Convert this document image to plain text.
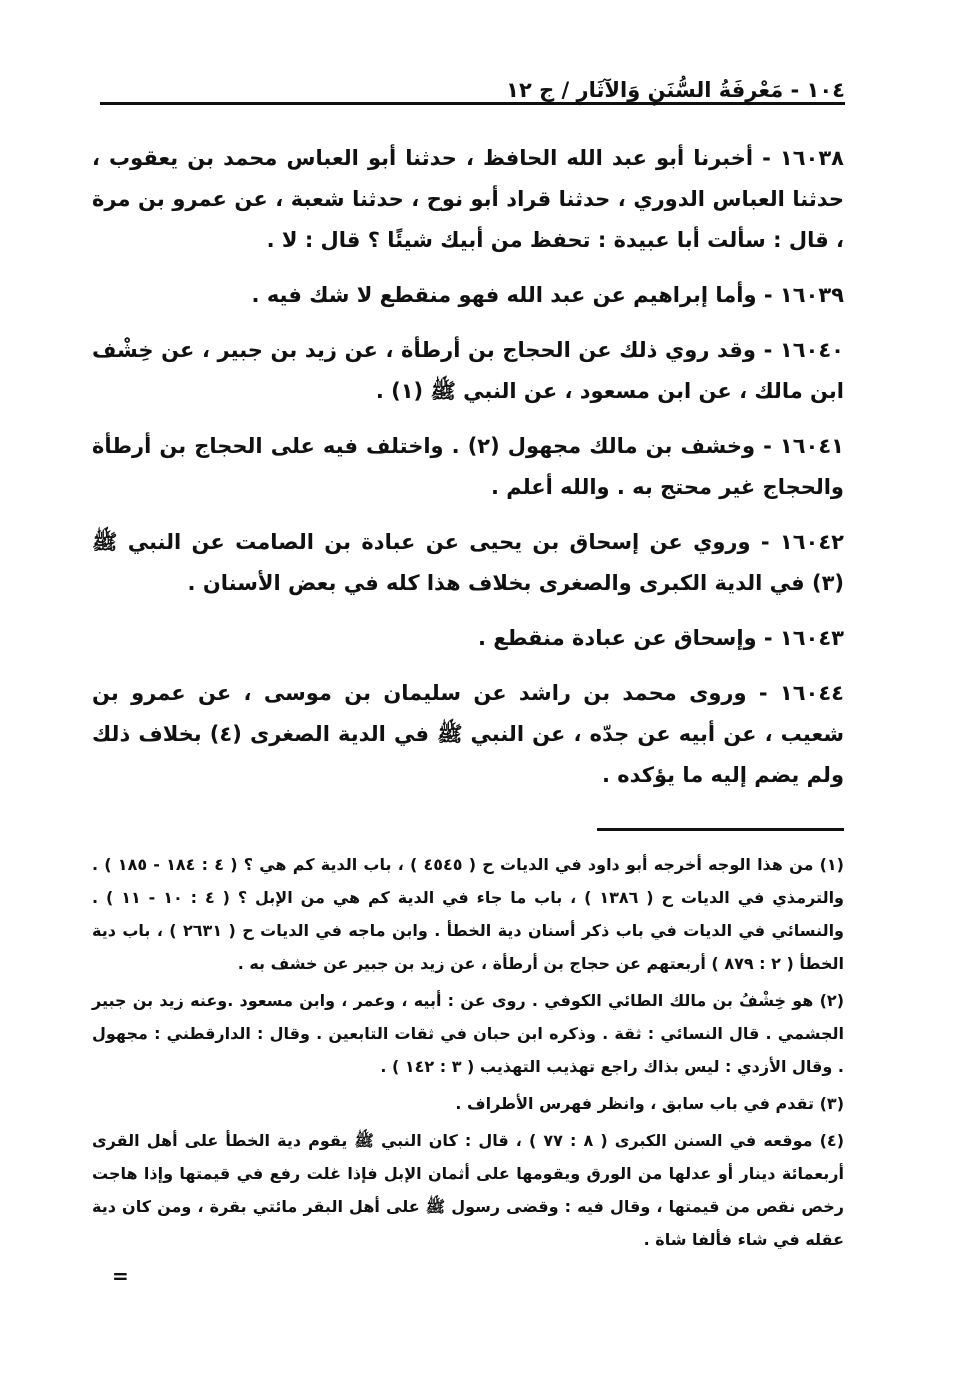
١٠٤ - مَعْرِفَةُ السُّنَنِ وَالآثَارِ / ج ١٢

١٦٠٣٨ - أخبرنا أبو عبد الله الحافظ ، حدثنا أبو العباس محمد بن يعقوب ، حدثنا العباس الدوري ، حدثنا قراد أبو نوح ، حدثنا شعبة ، عن عمرو بن مرة ، قال : سألت أبا عبيدة : تحفظ من أبيك شيئًا ؟ قال : لا .

١٦٠٣٩ - وأما إبراهيم عن عبد الله فهو منقطع لا شك فيه .

١٦٠٤٠ - وقد روي ذلك عن الحجاج بن أرطأة ، عن زيد بن جبير ، عن خِشْف ابن مالك ، عن ابن مسعود ، عن النبي ﷺ (١) .

١٦٠٤١ - وخشف بن مالك مجهول (٢) . واختلف فيه على الحجاج بن أرطأة والحجاج غير محتج به . والله أعلم .

١٦٠٤٢ - وروي عن إسحاق بن يحيى عن عبادة بن الصامت عن النبي ﷺ (٣) في الدية الكبرى والصغرى بخلاف هذا كله في بعض الأسنان .

١٦٠٤٣ - وإسحاق عن عبادة منقطع .

١٦٠٤٤ - وروى محمد بن راشد عن سليمان بن موسى ، عن عمرو بن شعيب ، عن أبيه عن جدّه ، عن النبي ﷺ في الدية الصغرى (٤) بخلاف ذلك ولم يضم إليه ما يؤكده .

(١) من هذا الوجه أخرجه أبو داود في الديات ح ( ٤٥٤٥ ) ، باب الدية كم هي ؟ ( ٤ : ١٨٤ - ١٨٥ ) . والترمذي في الديات ح ( ١٣٨٦ ) ، باب ما جاء في الدية كم هي من الإبل ؟ ( ٤ : ١٠ - ١١ ) . والنسائي في الديات في باب ذكر أسنان دية الخطأ . وابن ماجه في الديات ح ( ٢٦٣١ ) ، باب دية الخطأ ( ٢ : ٨٧٩ ) أربعتهم عن حجاج بن أرطأة ، عن زيد بن جبير عن خشف به .

(٢) هو خِشْفُ بن مالك الطائي الكوفي . روى عن : أبيه ، وعمر ، وابن مسعود .وعنه زيد بن جبير الجشمي . قال النسائي : ثقة . وذكره ابن حبان في ثقات التابعين . وقال : الدارقطني : مجهول . وقال الأزدي : ليس بذاك راجع تهذيب التهذيب ( ٣ : ١٤٢ ) .

(٣) تقدم في باب سابق ، وانظر فهرس الأطراف .

(٤) موقعه في السنن الكبرى ( ٨ : ٧٧ ) ، قال : كان النبي ﷺ يقوم دية الخطأ على أهل القرى أربعمائة دينار أو عدلها من الورق ويقومها على أثمان الإبل فإذا غلت رفع في قيمتها وإذا هاجت رخص نقص من قيمتها ، وقال فيه : وقضى رسول ﷺ على أهل البقر مائتي بقرة ، ومن كان دية عقله في شاء فألفا شاة .

=
